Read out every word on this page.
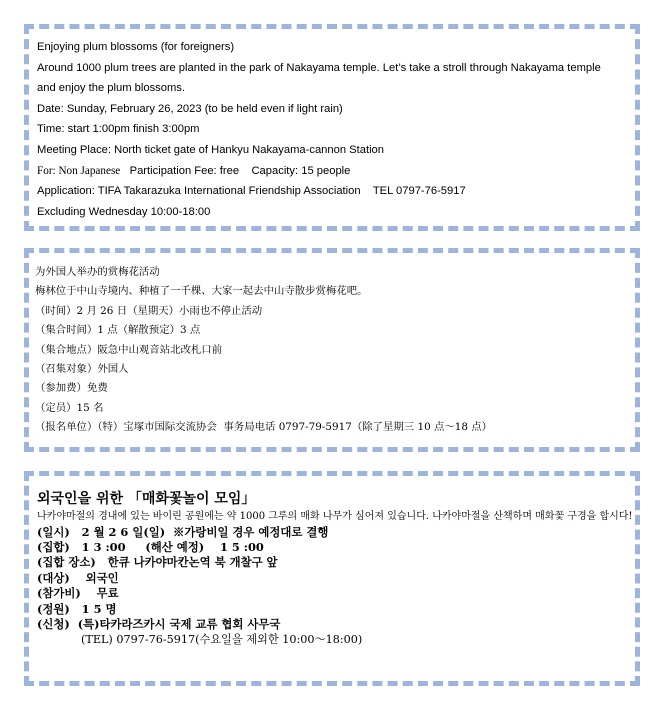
Enjoying plum blossoms (for foreigners)

Around 1000 plum trees are planted in the park of Nakayama temple. Let’s take a stroll through Nakayama temple

and enjoy the plum blossoms.

Date: Sunday, February 26, 2023 (to be held even if light rain)

Time: start 1:00pm finish 3:00pm

Meeting Place: North ticket gate of Hankyu Nakayama-cannon Station

For: Non Japanese   Participation Fee: free    Capacity: 15 people

Application: TIFA Takarazuka International Friendship Association    TEL 0797-76-5917

Excluding Wednesday 10:00-18:00

为外国人举办的赏梅花活动

梅林位于中山寺境内、种植了一千棵、大家一起去中山寺散步赏梅花吧。

（时间）2 月 26 日（星期天）小雨也不停止活动

（集合时间）1 点（解散预定）3 点

（集合地点）阪急中山观音站北改札口前

（召集对象）外国人

（参加费）免费

（定员）15 名

（报名单位）（特）宝塚市国际交流协会  事务局电话 0797-79-5917（除了星期三 10 点～18 点）

외국인을 위한 「매화꽃놀이 모임」

나카야마절의 경내에 있는 바이린 공원에는 약 1000 그루의 매화 나무가 심어져 있습니다. 나카야마절을 산책하며 매화꽃 구경을 합시다!

(일시)   2 월 2 6 일(일)  ※가랑비일 경우 예정대로 결행

(집합)   1 3 :00     (해산 예정)    1 5 :00

(집합 장소)   한큐 나카야마칸논역 북 개찰구 앞

(대상)    외국인

(참가비)    무료

(정원)   1 5 명

(신청)  (특)타카라즈카시 국제 교류 협회 사무국

(TEL) 0797-76-5917(수요일을 제외한 10:00～18:00)
